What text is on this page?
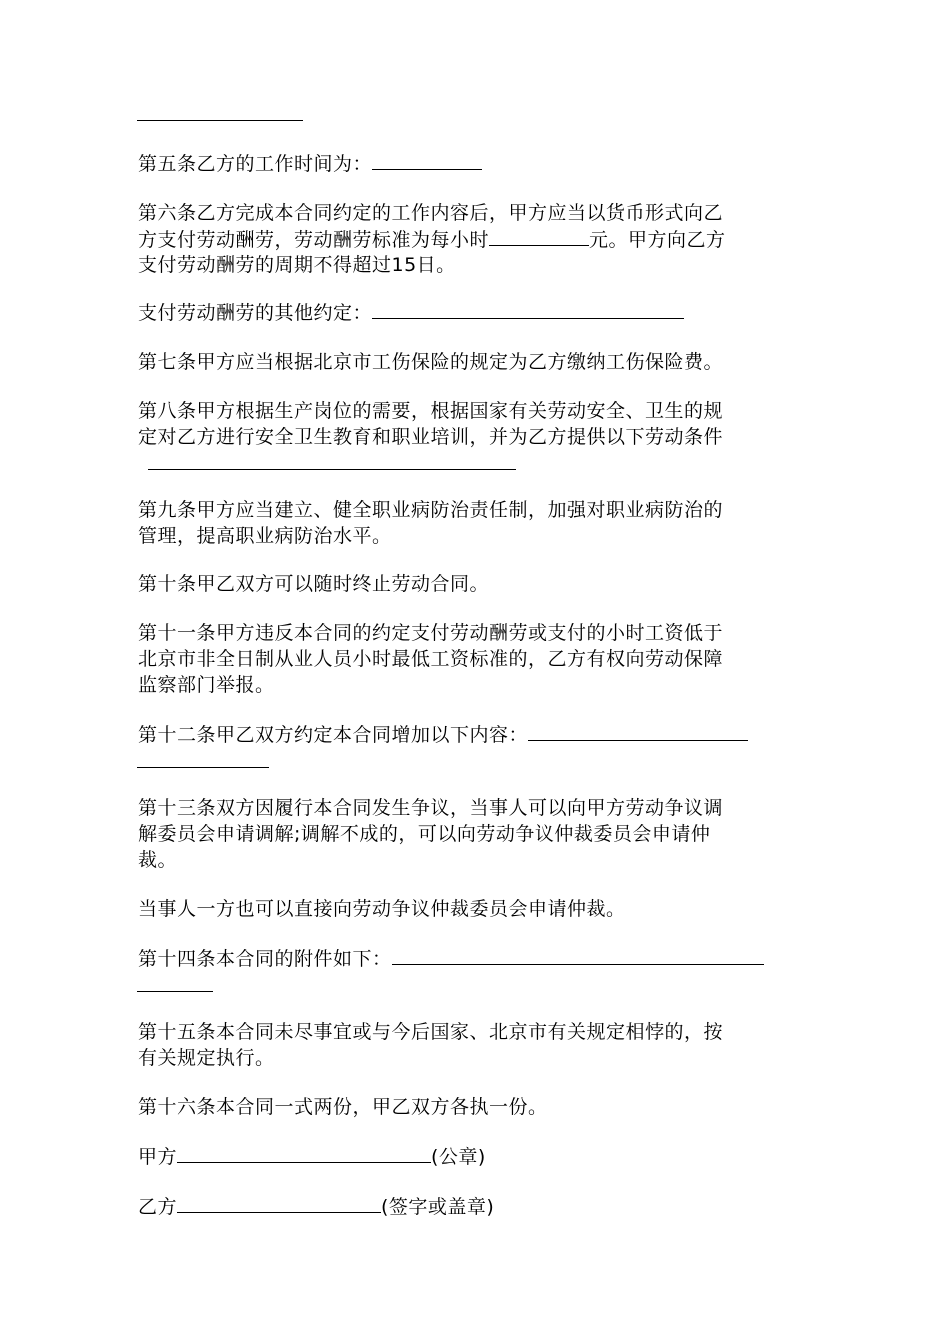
第五条乙方的工作时间为：
第六条乙方完成本合同约定的工作内容后，甲方应当以货币形式向乙
方支付劳动酬劳，劳动酬劳标准为每小时	元。甲方向乙方
支付劳动酬劳的周期不得超过15日。
支付劳动酬劳的其他约定：
第七条甲方应当根据北京市工伤保险的规定为乙方缴纳工伤保险费。
第八条甲方根据生产岗位的需要，根据国家有关劳动安全、卫生的规
定对乙方进行安全卫生教育和职业培训，并为乙方提供以下劳动条件
第九条甲方应当建立、健全职业病防治责任制，加强对职业病防治的
管理，提高职业病防治水平。
第十条甲乙双方可以随时终止劳动合同。
第十一条甲方违反本合同的约定支付劳动酬劳或支付的小时工资低于
北京市非全日制从业人员小时最低工资标准的，乙方有权向劳动保障
监察部门举报。
第十二条甲乙双方约定本合同增加以下内容：
第十三条双方因履行本合同发生争议，当事人可以向甲方劳动争议调
解委员会申请调解;调解不成的，可以向劳动争议仲裁委员会申请仲
裁。
当事人一方也可以直接向劳动争议仲裁委员会申请仲裁。
第十四条本合同的附件如下：
第十五条本合同未尽事宜或与今后国家、北京市有关规定相悖的，按
有关规定执行。
第十六条本合同一式两份，甲乙双方各执一份。
甲方	(公章)
乙方	(签字或盖章)
